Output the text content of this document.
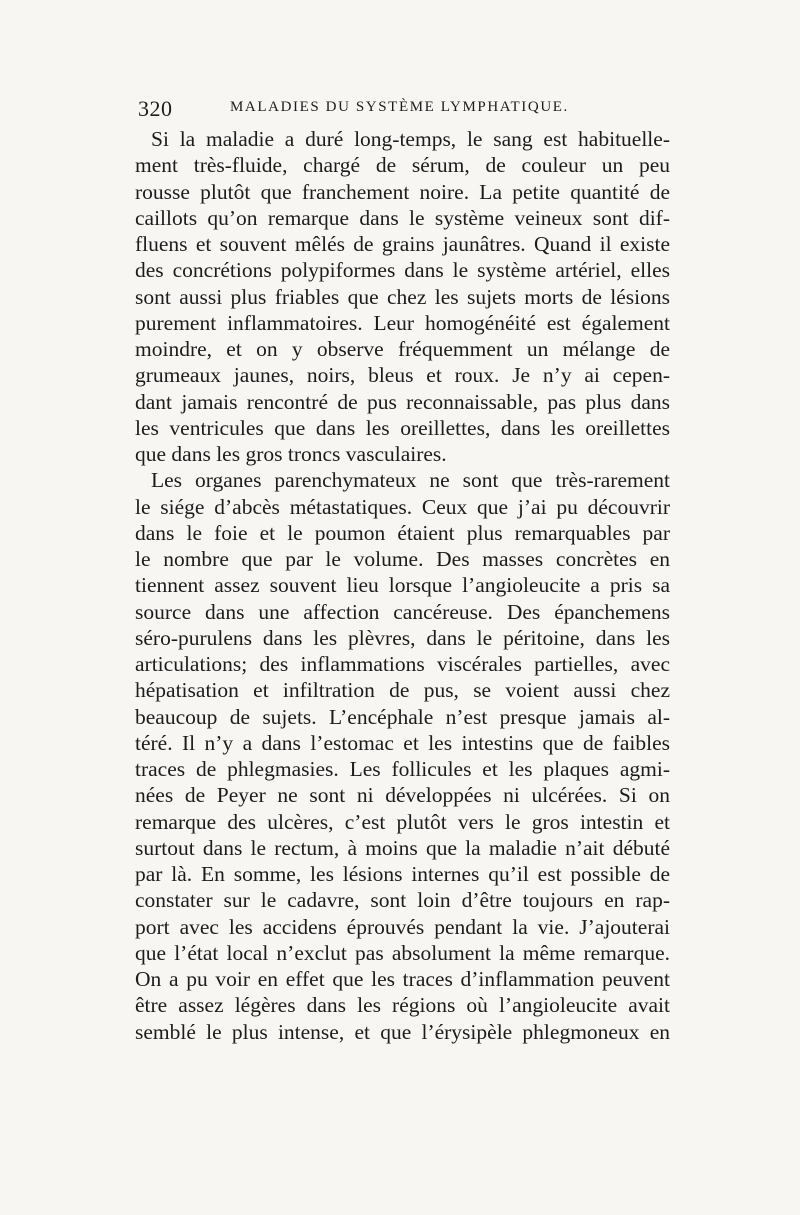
320	MALADIES DU SYSTÈME LYMPHATIQUE.
Si la maladie a duré long-temps, le sang est habituelle-
ment très-fluide, chargé de sérum, de couleur un peu
rousse plutôt que franchement noire. La petite quantité de
caillots qu’on remarque dans le système veineux sont dif-
fluens et souvent mêlés de grains jaunâtres. Quand il existe
des concrétions polypiformes dans le système artériel, elles
sont aussi plus friables que chez les sujets morts de lésions
purement inflammatoires. Leur homogénéité est également
moindre, et on y observe fréquemment un mélange de
grumeaux jaunes, noirs, bleus et roux. Je n’y ai cepen-
dant jamais rencontré de pus reconnaissable, pas plus dans
les ventricules que dans les oreillettes, dans les oreillettes
que dans les gros troncs vasculaires.
Les organes parenchymateux ne sont que très-rarement
le siége d’abcès métastatiques. Ceux que j’ai pu découvrir
dans le foie et le poumon étaient plus remarquables par
le nombre que par le volume. Des masses concrètes en
tiennent assez souvent lieu lorsque l’angioleucite a pris sa
source dans une affection cancéreuse. Des épanchemens
séro-purulens dans les plèvres, dans le péritoine, dans les
articulations; des inflammations viscérales partielles, avec
hépatisation et infiltration de pus, se voient aussi chez
beaucoup de sujets. L’encéphale n’est presque jamais al-
téré. Il n’y a dans l’estomac et les intestins que de faibles
traces de phlegmasies. Les follicules et les plaques agmi-
nées de Peyer ne sont ni développées ni ulcérées. Si on
remarque des ulcères, c’est plutôt vers le gros intestin et
surtout dans le rectum, à moins que la maladie n’ait débuté
par là. En somme, les lésions internes qu’il est possible de
constater sur le cadavre, sont loin d’être toujours en rap-
port avec les accidens éprouvés pendant la vie. J’ajouterai
que l’état local n’exclut pas absolument la même remarque.
On a pu voir en effet que les traces d’inflammation peuvent
être assez légères dans les régions où l’angioleucite avait
semblé le plus intense, et que l’érysipèle phlegmoneux en
